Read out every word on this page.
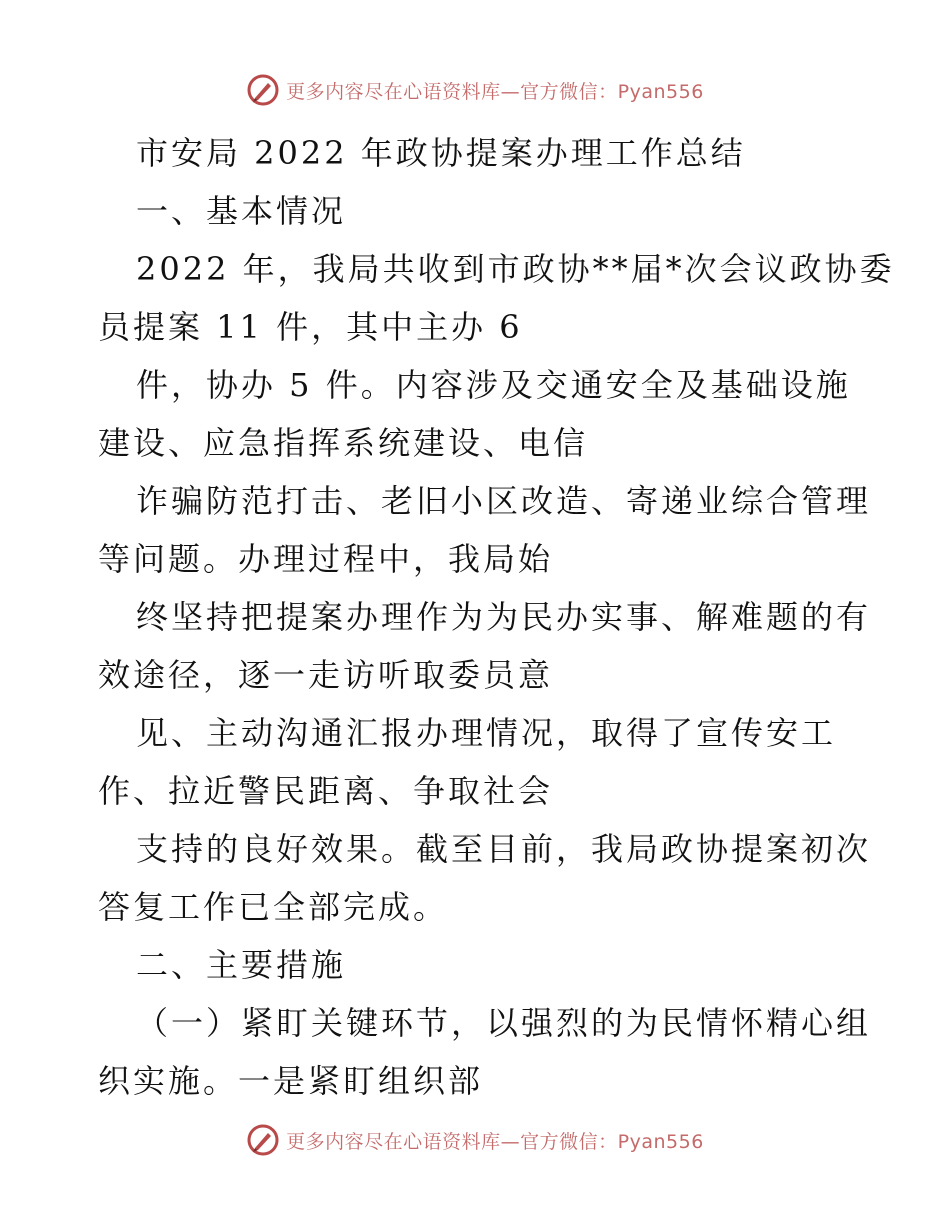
更多内容尽在心语资料库—官方微信：Pyan556
市安局 2022 年政协提案办理工作总结
一、基本情况
2022 年，我局共收到市政协**届*次会议政协委
员提案 11 件，其中主办 6
件，协办 5 件。内容涉及交通安全及基础设施
建设、应急指挥系统建设、电信
诈骗防范打击、老旧小区改造、寄递业综合管理
等问题。办理过程中，我局始
终坚持把提案办理作为为民办实事、解难题的有
效途径，逐一走访听取委员意
见、主动沟通汇报办理情况，取得了宣传安工
作、拉近警民距离、争取社会
支持的良好效果。截至目前，我局政协提案初次
答复工作已全部完成。
二、主要措施
（一）紧盯关键环节，以强烈的为民情怀精心组
织实施。一是紧盯组织部
更多内容尽在心语资料库—官方微信：Pyan556
